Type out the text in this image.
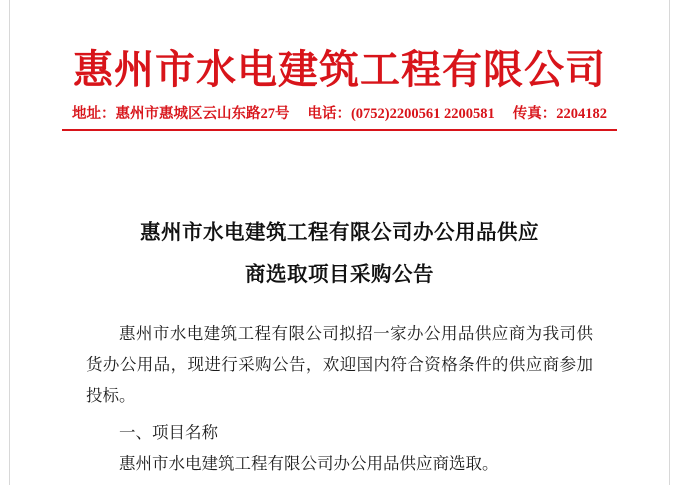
惠州市水电建筑工程有限公司
地址：惠州市惠城区云山东路27号 电话：(0752)2200561 2200581 传真：2204182
惠州市水电建筑工程有限公司办公用品供应
商选取项目采购公告

惠州市水电建筑工程有限公司拟招一家办公用品供应商为我司供货办公用品，现进行采购公告，欢迎国内符合资格条件的供应商参加投标。

一、项目名称

惠州市水电建筑工程有限公司办公用品供应商选取。
